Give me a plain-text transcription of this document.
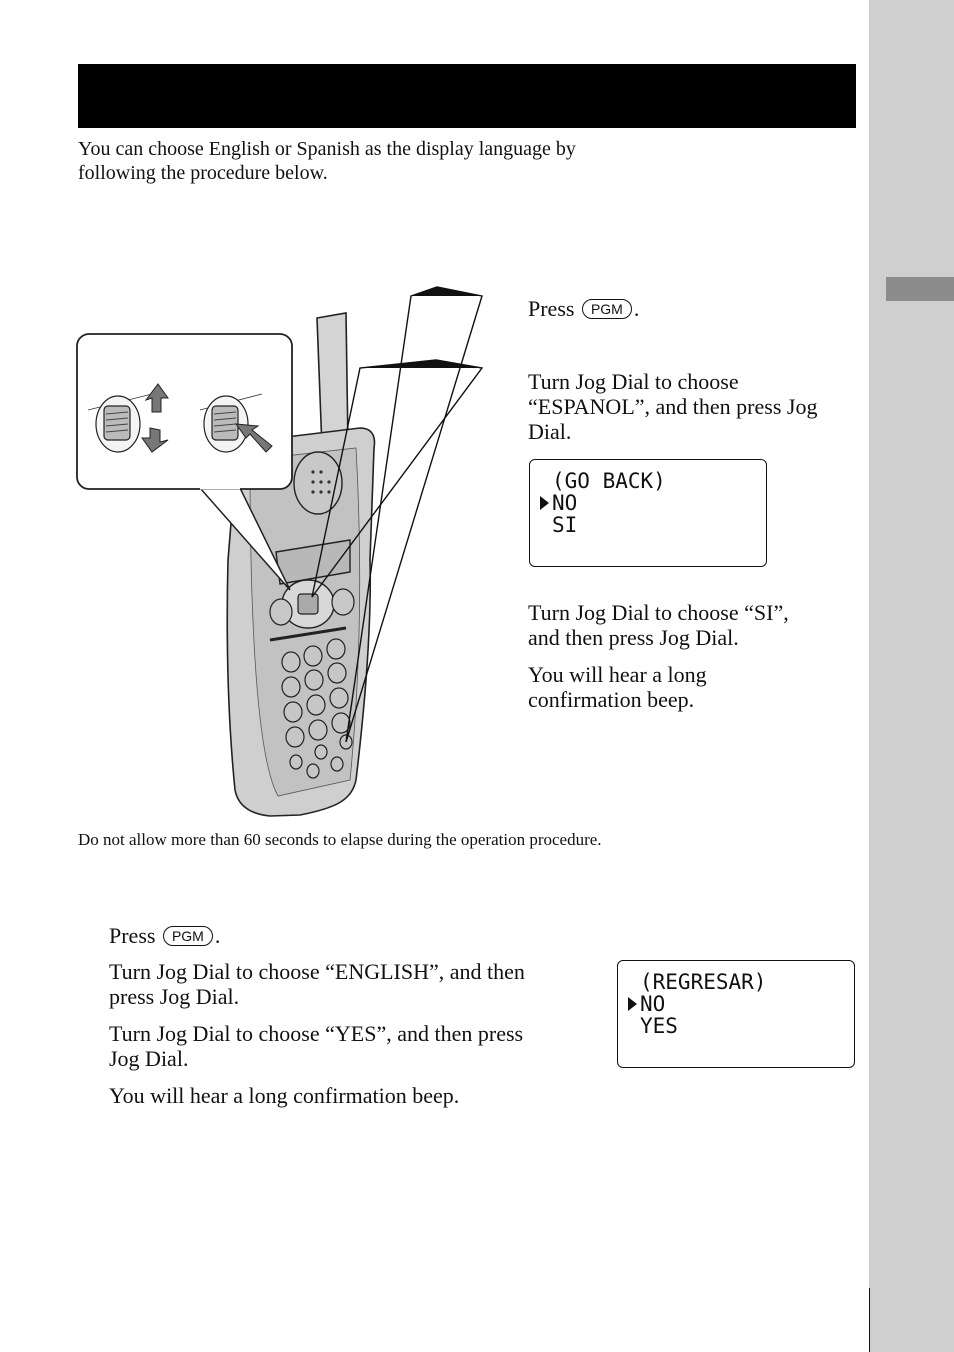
You can choose English or Spanish as the display language by
following the procedure below.
Press PGM .
Turn Jog Dial to choose
“ESPANOL”, and then press Jog
Dial.
(GO BACK)
NO
SI
Turn Jog Dial to choose “SI”,
and then press Jog Dial.
You will hear a long
confirmation beep.
Do not allow more than 60 seconds to elapse during the operation procedure.
Press PGM .
Turn Jog Dial to choose “ENGLISH”, and then
press Jog Dial.
Turn Jog Dial to choose “YES”, and then press
Jog Dial.
You will hear a long confirmation beep.
(REGRESAR)
NO
YES
